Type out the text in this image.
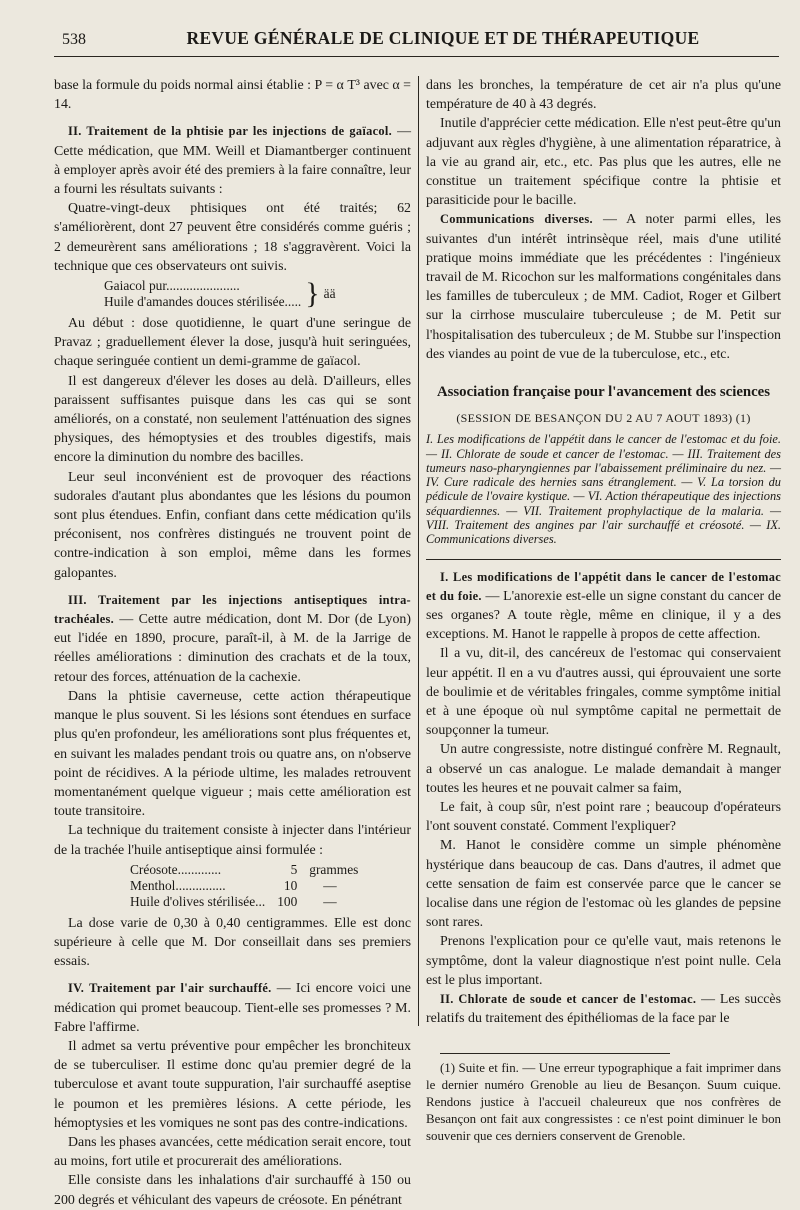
538	REVUE GÉNÉRALE DE CLINIQUE ET DE THÉRAPEUTIQUE

base la formule du poids normal ainsi établie : P = α T³ avec α = 14.

II. Traitement de la phtisie par les injections de gaïacol. — Cette médication, que MM. Weill et Diamantberger continuent à employer après avoir été des premiers à la faire connaître, leur a fourni les résultats suivants :

Quatre-vingt-deux phtisiques ont été traités; 62 s'améliorèrent, dont 27 peuvent être considérés comme guéris ; 2 demeurèrent sans améliorations ; 18 s'aggravèrent. Voici la technique que ces observateurs ont suivis.

Gaiacol pur......................	}	ää
Huile d'amandes douces stérilisée.....

Au début : dose quotidienne, le quart d'une seringue de Pravaz ; graduellement élever la dose, jusqu'à huit seringuées, chaque seringuée contient un demi-gramme de gaïacol.

Il est dangereux d'élever les doses au delà. D'ailleurs, elles paraissent suffisantes puisque dans les cas qui se sont améliorés, on a constaté, non seulement l'atténuation des signes physiques, des hémoptysies et des troubles digestifs, mais encore la diminution du nombre des bacilles.

Leur seul inconvénient est de provoquer des réactions sudorales d'autant plus abondantes que les lésions du poumon sont plus étendues. Enfin, confiant dans cette médication qu'ils préconisent, nos confrères distingués ne trouvent point de contre-indication à son emploi, même dans les formes galopantes.

III. Traitement par les injections antiseptiques intra-trachéales. — Cette autre médication, dont M. Dor (de Lyon) eut l'idée en 1890, procure, paraît-il, à M. de la Jarrige de réelles améliorations : diminution des crachats et de la toux, retour des forces, atténuation de la cachexie.

Dans la phtisie caverneuse, cette action thérapeutique manque le plus souvent. Si les lésions sont étendues en surface plus qu'en profondeur, les améliorations sont plus fréquentes et, en suivant les malades pendant trois ou quatre ans, on n'observe point de récidives. A la période ultime, les malades retrouvent momentanément quelque vigueur ; mais cette amélioration est toute transitoire.

La technique du traitement consiste à injecter dans l'intérieur de la trachée l'huile antiseptique ainsi formulée :

Créosote.............	5	grammes
Menthol...............	10	—
Huile d'olives stérilisée...	100	—

La dose varie de 0,30 à 0,40 centigrammes. Elle est donc supérieure à celle que M. Dor conseillait dans ses premiers essais.

IV. Traitement par l'air surchauffé. — Ici encore voici une médication qui promet beaucoup. Tient-elle ses promesses ? M. Fabre l'affirme.

Il admet sa vertu préventive pour empêcher les bronchiteux de se tuberculiser. Il estime donc qu'au premier degré de la tuberculose et avant toute suppuration, l'air surchauffé aseptise le poumon et les premières lésions. A cette période, les hémoptysies et les vomiques ne sont pas des contre-indications.

Dans les phases avancées, cette médication serait encore, tout au moins, fort utile et procurerait des améliorations.

Elle consiste dans les inhalations d'air surchauffé à 150 ou 200 degrés et véhiculant des vapeurs de créosote. En pénétrant

dans les bronches, la température de cet air n'a plus qu'une température de 40 à 43 degrés.

Inutile d'apprécier cette médication. Elle n'est peut-être qu'un adjuvant aux règles d'hygiène, à une alimentation réparatrice, à la vie au grand air, etc., etc. Pas plus que les autres, elle ne constitue un traitement spécifique contre la phtisie et parasiticide pour le bacille.

Communications diverses. — A noter parmi elles, les suivantes d'un intérêt intrinsèque réel, mais d'une utilité pratique moins immédiate que les précédentes : l'ingénieux travail de M. Ricochon sur les malformations congénitales dans les familles de tuberculeux ; de MM. Cadiot, Roger et Gilbert sur la cirrhose musculaire tuberculeuse ; de M. Petit sur l'hospitalisation des tuberculeux ; de M. Stubbe sur l'inspection des viandes au point de vue de la tuberculose, etc., etc.

Association française pour l'avancement des sciences
(SESSION DE BESANÇON DU 2 AU 7 AOUT 1893) (1)

I. Les modifications de l'appétit dans le cancer de l'estomac et du foie. — II. Chlorate de soude et cancer de l'estomac. — III. Traitement des tumeurs naso-pharyngiennes par l'abaissement préliminaire du nez. — IV. Cure radicale des hernies sans étranglement. — V. La torsion du pédicule de l'ovaire kystique. — VI. Action thérapeutique des injections séquardiennes. — VII. Traitement prophylactique de la malaria. — VIII. Traitement des angines par l'air surchauffé et créosoté. — IX. Communications diverses.

I. Les modifications de l'appétit dans le cancer de l'estomac et du foie. — L'anorexie est-elle un signe constant du cancer de ses organes? A toute règle, même en clinique, il y a des exceptions. M. Hanot le rappelle à propos de cette affection.

Il a vu, dit-il, des cancéreux de l'estomac qui conservaient leur appétit. Il en a vu d'autres aussi, qui éprouvaient une sorte de boulimie et de véritables fringales, comme symptôme initial et à une époque où nul symptôme capital ne permettait de soupçonner la tumeur.

Un autre congressiste, notre distingué confrère M. Regnault, a observé un cas analogue. Le malade demandait à manger toutes les heures et ne pouvait calmer sa faim,

Le fait, à coup sûr, n'est point rare ; beaucoup d'opérateurs l'ont souvent constaté. Comment l'expliquer?

M. Hanot le considère comme un simple phénomène hystérique dans beaucoup de cas. Dans d'autres, il admet que cette sensation de faim est conservée parce que le cancer se localise dans une région de l'estomac où les glandes de pepsine sont rares.

Prenons l'explication pour ce qu'elle vaut, mais retenons le symptôme, dont la valeur diagnostique n'est point nulle. Cela est le plus important.

II. Chlorate de soude et cancer de l'estomac. — Les succès relatifs du traitement des épithéliomas de la face par le

(1) Suite et fin. — Une erreur typographique a fait imprimer dans le dernier numéro Grenoble au lieu de Besançon. Suum cuique. Rendons justice à l'accueil chaleureux que nos confrères de Besançon ont fait aux congressistes : ce n'est point diminuer le bon souvenir que ces derniers conservent de Grenoble.
